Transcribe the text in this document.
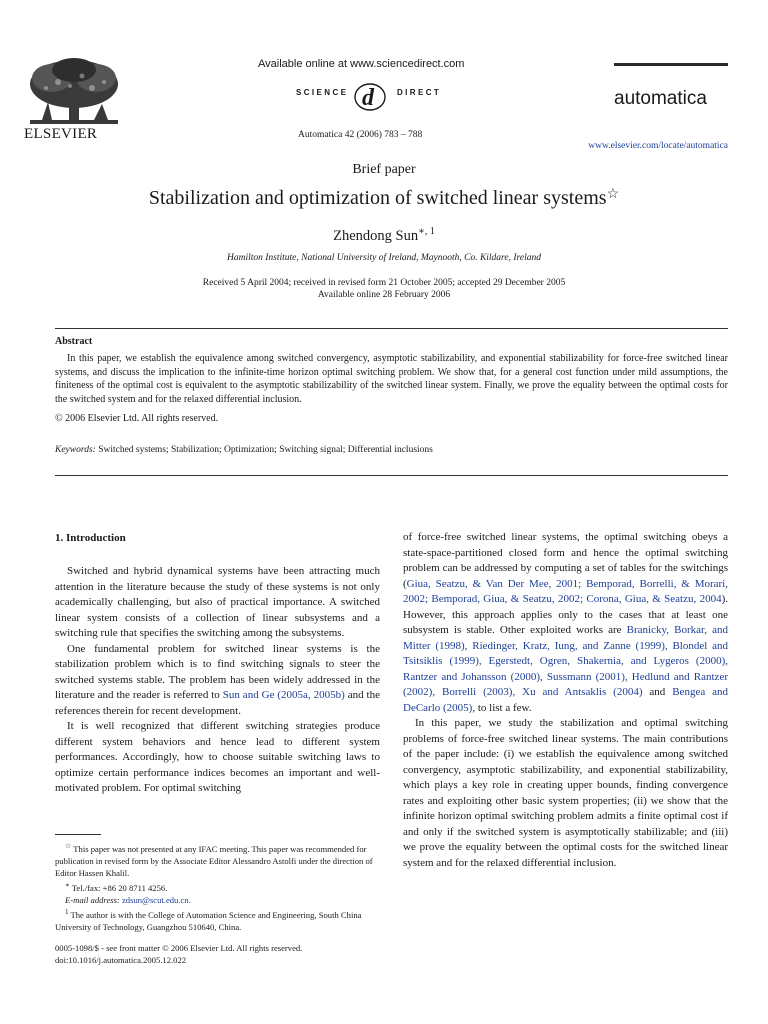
ELSEVIER
Available online at www.sciencedirect.com
SCIENCE d	DIRECT
Automatica 42 (2006) 783 – 788
automatica
www.elsevier.com/locate/automatica
Brief paper
Stabilization and optimization of switched linear systems☆
Zhendong Sun$^{∗, 1}$
Hamilton Institute, National University of Ireland, Maynooth, Co. Kildare, Ireland
Received 5 April 2004; received in revised form 21 October 2005; accepted 29 December 2005
Available online 28 February 2006
Abstract

In this paper, we establish the equivalence among switched convergency, asymptotic stabilizability, and exponential stabilizability for force-free switched linear systems, and discuss the implication to the infinite-time horizon optimal switching problem. We show that, for a general cost function under mild assumptions, the finiteness of the optimal cost is equivalent to the asymptotic stabilizability of the switched linear system. Finally, we prove the equality between the optimal costs for the switched system and for the relaxed differential inclusion.

© 2006 Elsevier Ltd. All rights reserved.
Keywords: Switched systems; Stabilization; Optimization; Switching signal; Differential inclusions
1. Introduction

Switched and hybrid dynamical systems have been attracting much attention in the literature because the study of these systems is not only academically challenging, but also of practical importance. A switched linear system consists of a collection of linear subsystems and a switching rule that specifies the switching among the subsystems.

One fundamental problem for switched linear systems is the stabilization problem which is to find switching signals to steer the switched systems stable. The problem has been widely addressed in the literature and the reader is referred to Sun and Ge (2005a, 2005b) and the references therein for recent development.

It is well recognized that different switching strategies produce different system behaviors and hence lead to different system performances. Accordingly, how to choose suitable switching laws to optimize certain performance indices becomes an important and well-motivated problem. For optimal switching

☆ This paper was not presented at any IFAC meeting. This paper was recommended for publication in revised form by the Associate Editor Alessandro Astolfi under the direction of Editor Hassen Khalil.

∗ Tel./fax: +86 20 8711 4256.

E-mail address: zdsun@scut.edu.cn.

$^1$ The author is with the College of Automation Science and Engineering, South China University of Technology, Guangzhou 510640, China.

0005-1098/$ - see front matter © 2006 Elsevier Ltd. All rights reserved.
doi:10.1016/j.automatica.2005.12.022

of force-free switched linear systems, the optimal switching obeys a state-space-partitioned closed form and hence the optimal switching problem can be addressed by computing a set of tables for the switchings (Giua, Seatzu, & Van Der Mee, 2001; Bemporad, Borrelli, & Morari, 2002; Bemporad, Giua, & Seatzu, 2002; Corona, Giua, & Seatzu, 2004). However, this approach applies only to the cases that at least one subsystem is stable. Other exploited works are Branicky, Borkar, and Mitter (1998), Riedinger, Kratz, Iung, and Zanne (1999), Blondel and Tsitsiklis (1999), Egerstedt, Ogren, Shakernia, and Lygeros (2000), Rantzer and Johansson (2000), Sussmann (2001), Hedlund and Rantzer (2002), Borrelli (2003), Xu and Antsaklis (2004) and Bengea and DeCarlo (2005), to list a few.

In this paper, we study the stabilization and optimal switching problems of force-free switched linear systems. The main contributions of the paper include: (i) we establish the equivalence among switched convergency, asymptotic stabilizability, and exponential stabilizability, which plays a key role in creating upper bounds, finding convergence rates and exploiting other basic system properties; (ii) we show that the infinite horizon optimal switching problem admits a finite optimal cost if and only if the switched system is asymptotically stabilizable; and (iii) we prove the equality between the optimal costs for the switched linear system and for the relaxed differential inclusion.
